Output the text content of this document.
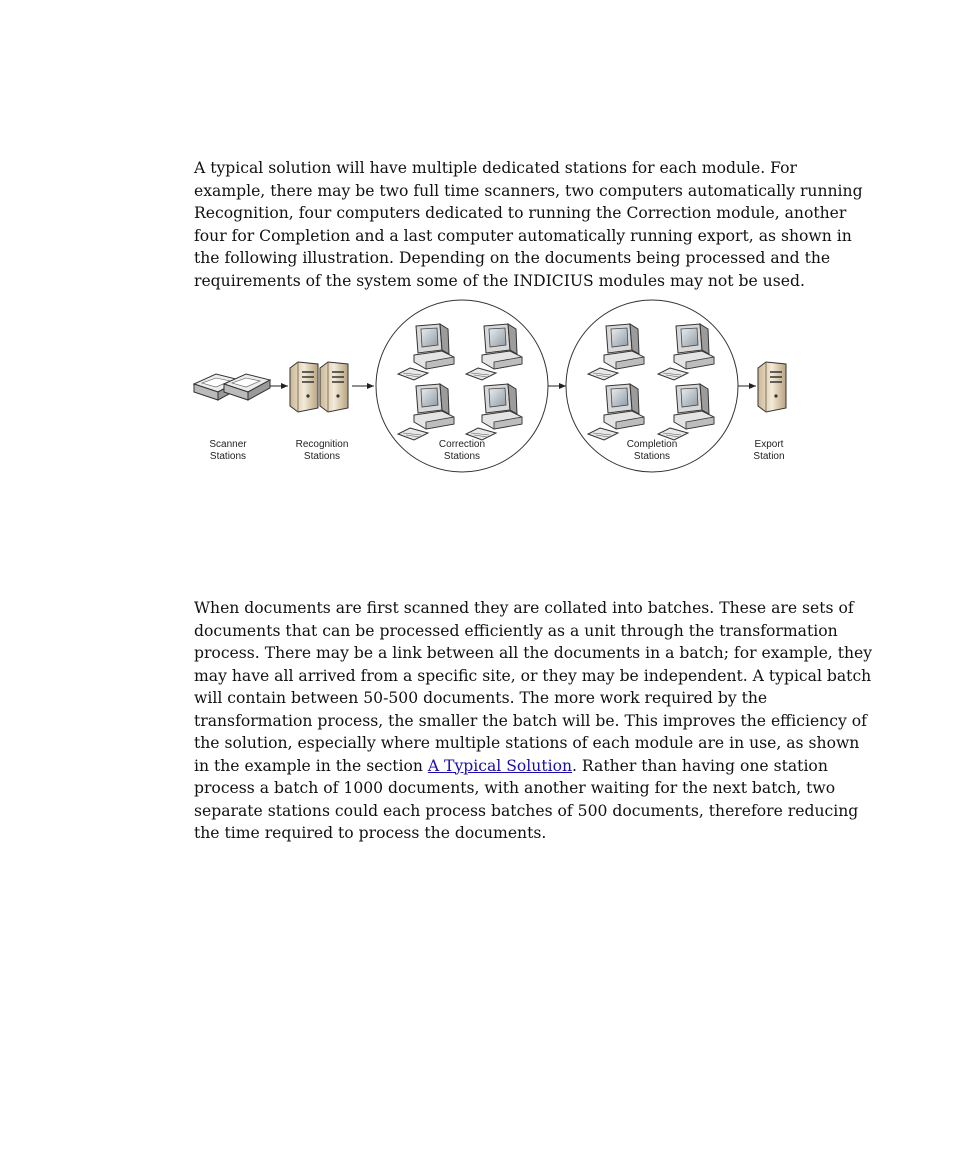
A typical solution will have multiple dedicated stations for each module. For
example, there may be two full time scanners, two computers automatically running
Recognition, four computers dedicated to running the Correction module, another
four for Completion and a last computer automatically running export, as shown in
the following illustration. Depending on the documents being processed and the
requirements of the system some of the INDICIUS modules may not be used.

Scanner
Stations
Recognition
Stations
Correction
Stations
Completion
Stations
Export
Station

When documents are first scanned they are collated into batches. These are sets of
documents that can be processed efficiently as a unit through the transformation
process. There may be a link between all the documents in a batch; for example, they
may have all arrived from a specific site, or they may be independent. A typical batch
will contain between 50-500 documents. The more work required by the
transformation process, the smaller the batch will be. This improves the efficiency of
the solution, especially where multiple stations of each module are in use, as shown
in the example in the section A Typical Solution. Rather than having one station
process a batch of 1000 documents, with another waiting for the next batch, two
separate stations could each process batches of 500 documents, therefore reducing
the time required to process the documents.
